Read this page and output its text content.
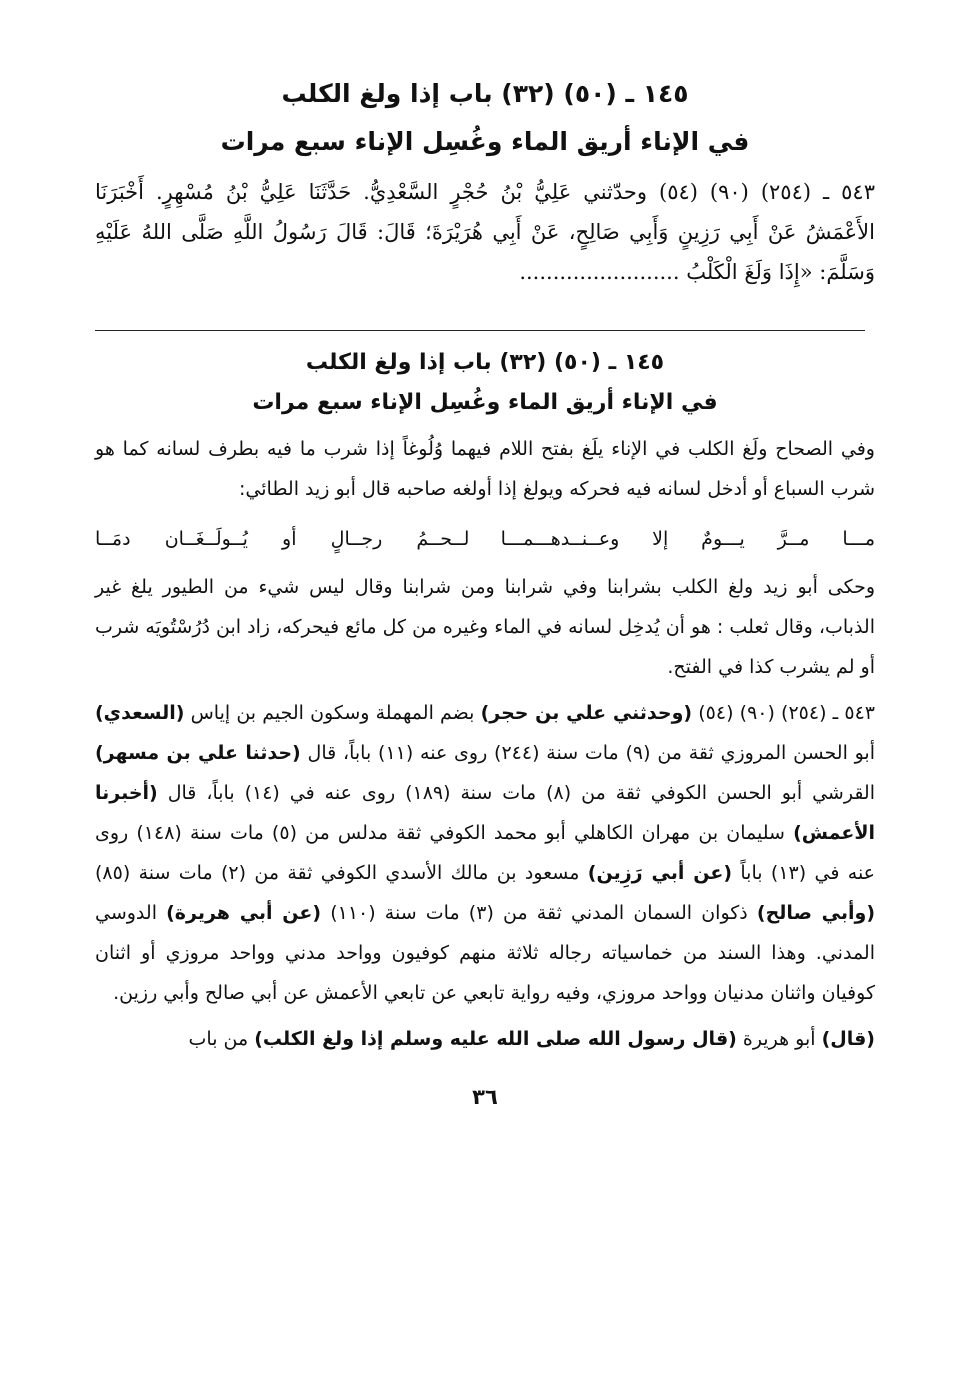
١٤٥ ـ (٥٠) (٣٢) باب إذا ولغ الكلب
في الإناء أريق الماء وغُسِل الإناء سبع مرات

٥٤٣ ـ (٢٥٤) (٩٠) (٥٤) وحدّثني عَلِيُّ بْنُ حُجْرٍ السَّعْدِيُّ. حَدَّثَنَا عَلِيُّ بْنُ مُسْهِرٍ. أَخْبَرَنَا الأَعْمَشُ عَنْ أَبِي رَزِينٍ وَأَبِي صَالِحٍ، عَنْ أَبِي هُرَيْرَةَ؛ قَالَ: قَالَ رَسُولُ اللَّهِ صَلَّى اللهُ عَلَيْهِ وَسَلَّمَ: «إِذَا وَلَغَ الْكَلْبُ ........................

١٤٥ ـ (٥٠) (٣٢) باب إذا ولغ الكلب
في الإناء أريق الماء وغُسِل الإناء سبع مرات

وفي الصحاح ولَغ الكلب في الإناء يلَغ بفتح اللام فيهما وُلُوغاً إذا شرب ما فيه بطرف لسانه كما هو شرب السباع أو أدخل لسانه فيه فحركه ويولغ إذا أولغه صاحبه قال أبو زيد الطائي:

مـــا مــرَّ يـــومٌ إلا وعــنــدهـــمـــا
لــحــمُ رجــالٍ أو يُــولَــغَــان دمَــا

وحكى أبو زيد ولغ الكلب بشرابنا وفي شرابنا ومن شرابنا وقال ليس شيء من الطيور يلغ غير الذباب، وقال ثعلب : هو أن يُدخِل لسانه في الماء وغيره من كل مائع فيحركه، زاد ابن دُرُسْتُويَه شرب أو لم يشرب كذا في الفتح.

٥٤٣ ـ (٢٥٤) (٩٠) (٥٤) (وحدثني علي بن حجر) بضم المهملة وسكون الجيم بن إياس (السعدي) أبو الحسن المروزي ثقة من (٩) مات سنة (٢٤٤) روى عنه (١١) باباً، قال (حدثنا علي بن مسهر) القرشي أبو الحسن الكوفي ثقة من (٨) مات سنة (١٨٩) روى عنه في (١٤) باباً، قال (أخبرنا الأعمش) سليمان بن مهران الكاهلي أبو محمد الكوفي ثقة مدلس من (٥) مات سنة (١٤٨) روى عنه في (١٣) باباً (عن أبي رَزِين) مسعود بن مالك الأسدي الكوفي ثقة من (٢) مات سنة (٨٥) (وأبي صالح) ذكوان السمان المدني ثقة من (٣) مات سنة (١١٠) (عن أبي هريرة) الدوسي المدني. وهذا السند من خماسياته رجاله ثلاثة منهم كوفيون وواحد مدني وواحد مروزي أو اثنان كوفيان واثنان مدنيان وواحد مروزي، وفيه رواية تابعي عن تابعي الأعمش عن أبي صالح وأبي رزين.

(قال) أبو هريرة (قال رسول الله صلى الله عليه وسلم إذا ولغ الكلب) من باب

٣٦
